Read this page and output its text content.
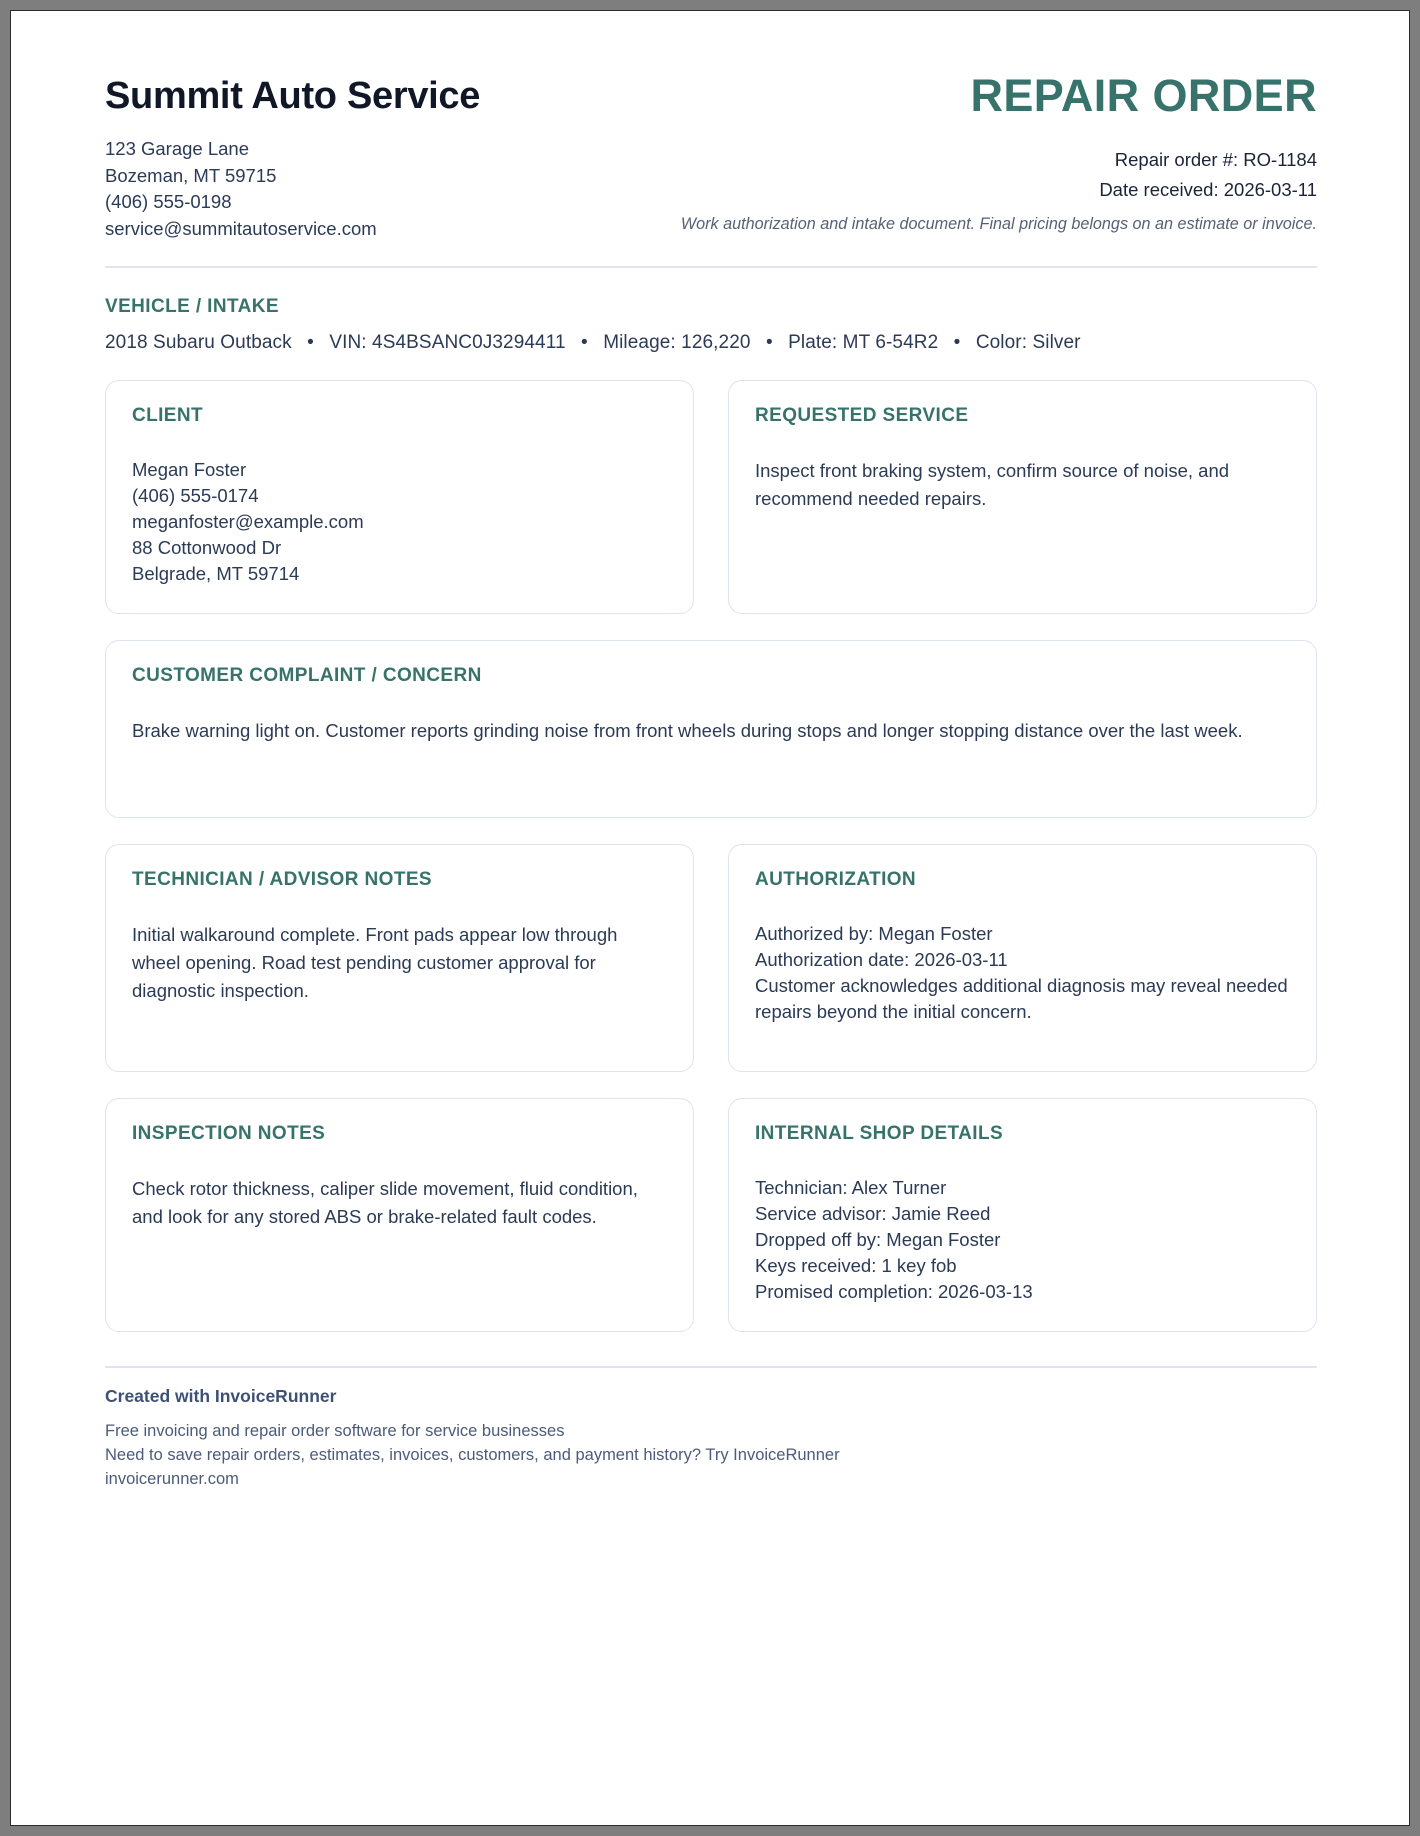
Summit Auto Service
123 Garage Lane
Bozeman, MT 59715
(406) 555-0198
service@summitautoservice.com
REPAIR ORDER
Repair order #: RO-1184
Date received: 2026-03-11
Work authorization and intake document. Final pricing belongs on an estimate or invoice.
VEHICLE / INTAKE
2018 Subaru Outback • VIN: 4S4BSANC0J3294411 • Mileage: 126,220 • Plate: MT 6-54R2 • Color: Silver
CLIENT
Megan Foster
(406) 555-0174
meganfoster@example.com
88 Cottonwood Dr
Belgrade, MT 59714
REQUESTED SERVICE
Inspect front braking system, confirm source of noise, and recommend needed repairs.
CUSTOMER COMPLAINT / CONCERN
Brake warning light on. Customer reports grinding noise from front wheels during stops and longer stopping distance over the last week.
TECHNICIAN / ADVISOR NOTES
Initial walkaround complete. Front pads appear low through wheel opening. Road test pending customer approval for diagnostic inspection.
AUTHORIZATION
Authorized by: Megan Foster
Authorization date: 2026-03-11
Customer acknowledges additional diagnosis may reveal needed repairs beyond the initial concern.
INSPECTION NOTES
Check rotor thickness, caliper slide movement, fluid condition, and look for any stored ABS or brake-related fault codes.
INTERNAL SHOP DETAILS
Technician: Alex Turner
Service advisor: Jamie Reed
Dropped off by: Megan Foster
Keys received: 1 key fob
Promised completion: 2026-03-13
Created with InvoiceRunner
Free invoicing and repair order software for service businesses
Need to save repair orders, estimates, invoices, customers, and payment history? Try InvoiceRunner
invoicerunner.com
